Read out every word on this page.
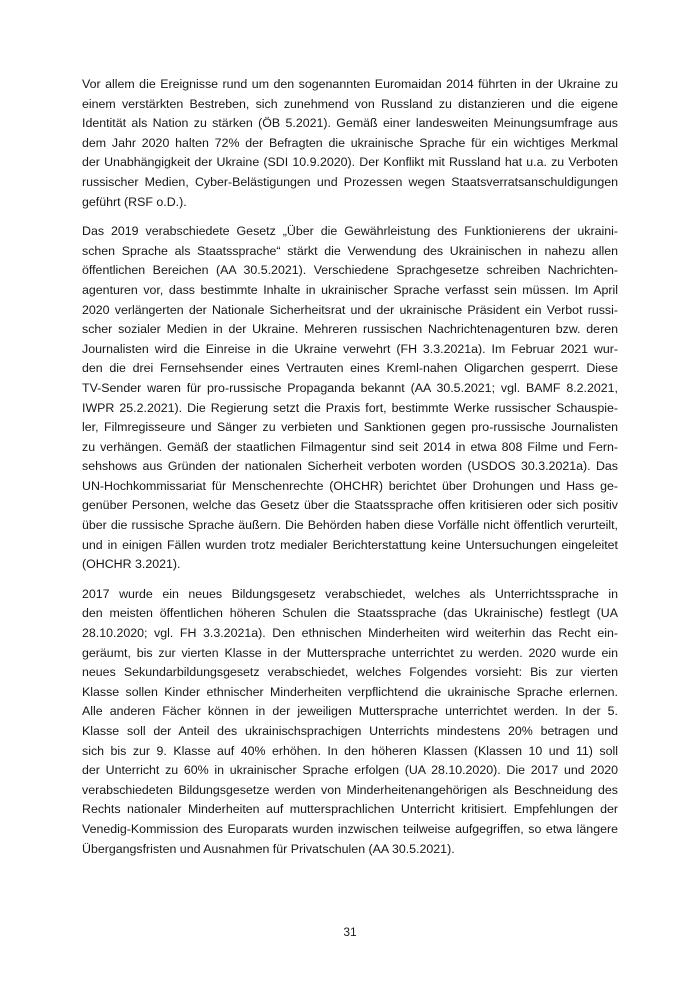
Vor allem die Ereignisse rund um den sogenannten Euromaidan 2014 führten in der Ukraine zu
einem verstärkten Bestreben, sich zunehmend von Russland zu distanzieren und die eigene
Identität als Nation zu stärken (ÖB 5.2021). Gemäß einer landesweiten Meinungsumfrage aus
dem Jahr 2020 halten 72% der Befragten die ukrainische Sprache für ein wichtiges Merkmal
der Unabhängigkeit der Ukraine (SDI 10.9.2020). Der Konflikt mit Russland hat u.a. zu Verboten
russischer Medien, Cyber-Belästigungen und Prozessen wegen Staatsverratsanschuldigungen
geführt (RSF o.D.).
Das 2019 verabschiedete Gesetz „Über die Gewährleistung des Funktionierens der ukraini-
schen Sprache als Staatssprache“ stärkt die Verwendung des Ukrainischen in nahezu allen
öffentlichen Bereichen (AA 30.5.2021). Verschiedene Sprachgesetze schreiben Nachrichten-
agenturen vor, dass bestimmte Inhalte in ukrainischer Sprache verfasst sein müssen. Im April
2020 verlängerten der Nationale Sicherheitsrat und der ukrainische Präsident ein Verbot russi-
scher sozialer Medien in der Ukraine. Mehreren russischen Nachrichtenagenturen bzw. deren
Journalisten wird die Einreise in die Ukraine verwehrt (FH 3.3.2021a). Im Februar 2021 wur-
den die drei Fernsehsender eines Vertrauten eines Kreml-nahen Oligarchen gesperrt. Diese
TV-Sender waren für pro-russische Propaganda bekannt (AA 30.5.2021; vgl. BAMF 8.2.2021,
IWPR 25.2.2021). Die Regierung setzt die Praxis fort, bestimmte Werke russischer Schauspie-
ler, Filmregisseure und Sänger zu verbieten und Sanktionen gegen pro-russische Journalisten
zu verhängen. Gemäß der staatlichen Filmagentur sind seit 2014 in etwa 808 Filme und Fern-
sehshows aus Gründen der nationalen Sicherheit verboten worden (USDOS 30.3.2021a). Das
UN-Hochkommissariat für Menschenrechte (OHCHR) berichtet über Drohungen und Hass ge-
genüber Personen, welche das Gesetz über die Staatssprache offen kritisieren oder sich positiv
über die russische Sprache äußern. Die Behörden haben diese Vorfälle nicht öffentlich verurteilt,
und in einigen Fällen wurden trotz medialer Berichterstattung keine Untersuchungen eingeleitet
(OHCHR 3.2021).
2017 wurde ein neues Bildungsgesetz verabschiedet, welches als Unterrichtssprache in
den meisten öffentlichen höheren Schulen die Staatssprache (das Ukrainische) festlegt (UA
28.10.2020; vgl. FH 3.3.2021a). Den ethnischen Minderheiten wird weiterhin das Recht ein-
geräumt, bis zur vierten Klasse in der Muttersprache unterrichtet zu werden. 2020 wurde ein
neues Sekundarbildungsgesetz verabschiedet, welches Folgendes vorsieht: Bis zur vierten
Klasse sollen Kinder ethnischer Minderheiten verpflichtend die ukrainische Sprache erlernen.
Alle anderen Fächer können in der jeweiligen Muttersprache unterrichtet werden. In der 5.
Klasse soll der Anteil des ukrainischsprachigen Unterrichts mindestens 20% betragen und
sich bis zur 9. Klasse auf 40% erhöhen. In den höheren Klassen (Klassen 10 und 11) soll
der Unterricht zu 60% in ukrainischer Sprache erfolgen (UA 28.10.2020). Die 2017 und 2020
verabschiedeten Bildungsgesetze werden von Minderheitenangehörigen als Beschneidung des
Rechts nationaler Minderheiten auf muttersprachlichen Unterricht kritisiert. Empfehlungen der
Venedig-Kommission des Europarats wurden inzwischen teilweise aufgegriffen, so etwa längere
Übergangsfristen und Ausnahmen für Privatschulen (AA 30.5.2021).
31
